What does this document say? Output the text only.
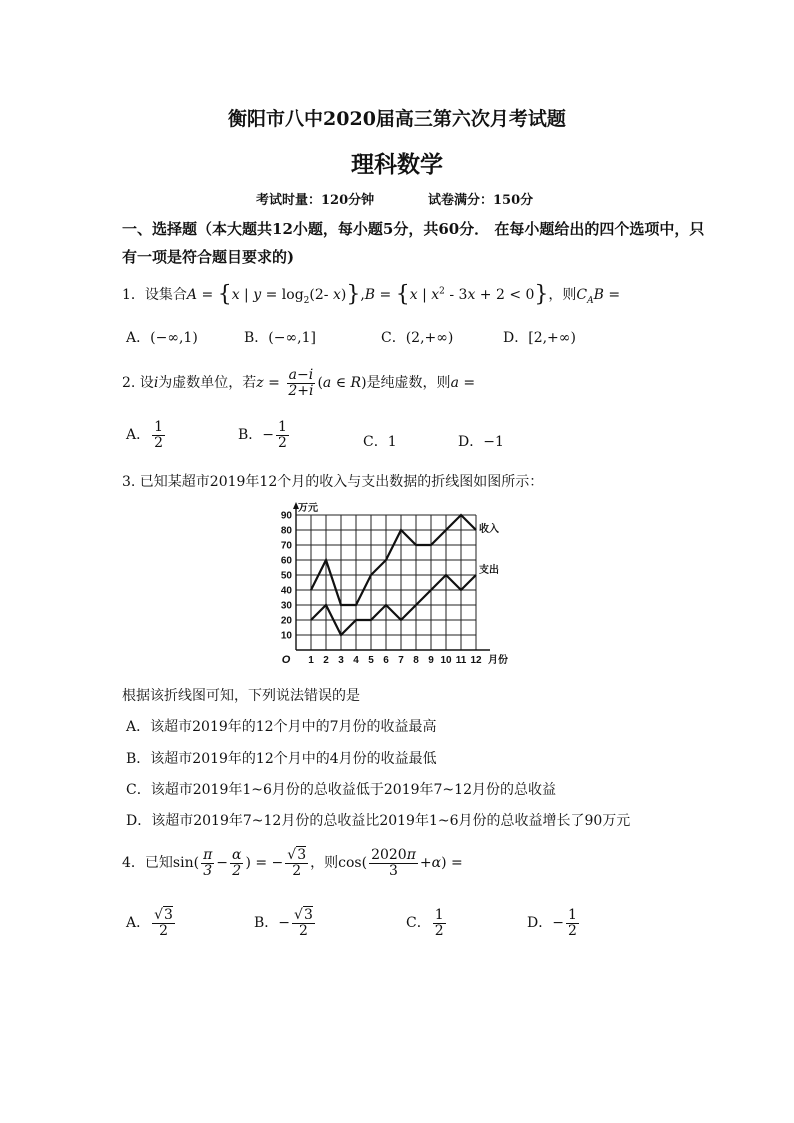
衡阳市八中2020届高三第六次月考试题
理科数学
考试时量：120分钟	试卷满分：150分
一、选择题（本大题共12小题，每小题5分，共60分． 在每小题给出的四个选项中，只
有一项是符合题目要求的)
1．设集合A = {x | $y = \log_2(2-$ x)},B = {x | $x^2 - 3x + 2 < 0$}，则$C_AB$ =
A．(−∞,1)	B．(−∞,1]	C．(2,+∞)	D．[2,+∞)
2. 设i为虚数单位，若$z = \frac{a-i}{2+i} (a$ ∈ R)是纯虚数，则a =
A． $\frac{1}{2}$	B．− $\frac{1}{2}$	C．1	D．−1
3. 已知某超市2019年12个月的收入与支出数据的折线图如图所示：
收入
支出
10
20
30
40
50
60
70
80
90
1 2 3 4 5 6 7 8 9 10 11 12
O
万元
月份
根据该折线图可知，下列说法错误的是
A．该超市2019年的12个月中的7月份的收益最高
B．该超市2019年的12个月中的4月份的收益最低
C．该超市2019年1~6月份的总收益低于2019年7~12月份的总收益
D．该超市2019年7~12月份的总收益比2019年1~6月份的总收益增长了90万元
4．已知$\sin( \frac{\pi}{3} - \frac{\alpha}{2}$ ) = − $\frac{√3}{2}$ ，则$\cos( \frac{2020\pi}{3} +\alpha)$ =
A． $\frac{√3}{2}$	B．− $\frac{√3}{2}$	C． $\frac{1}{2}$	D．− $\frac{1}{2}$
